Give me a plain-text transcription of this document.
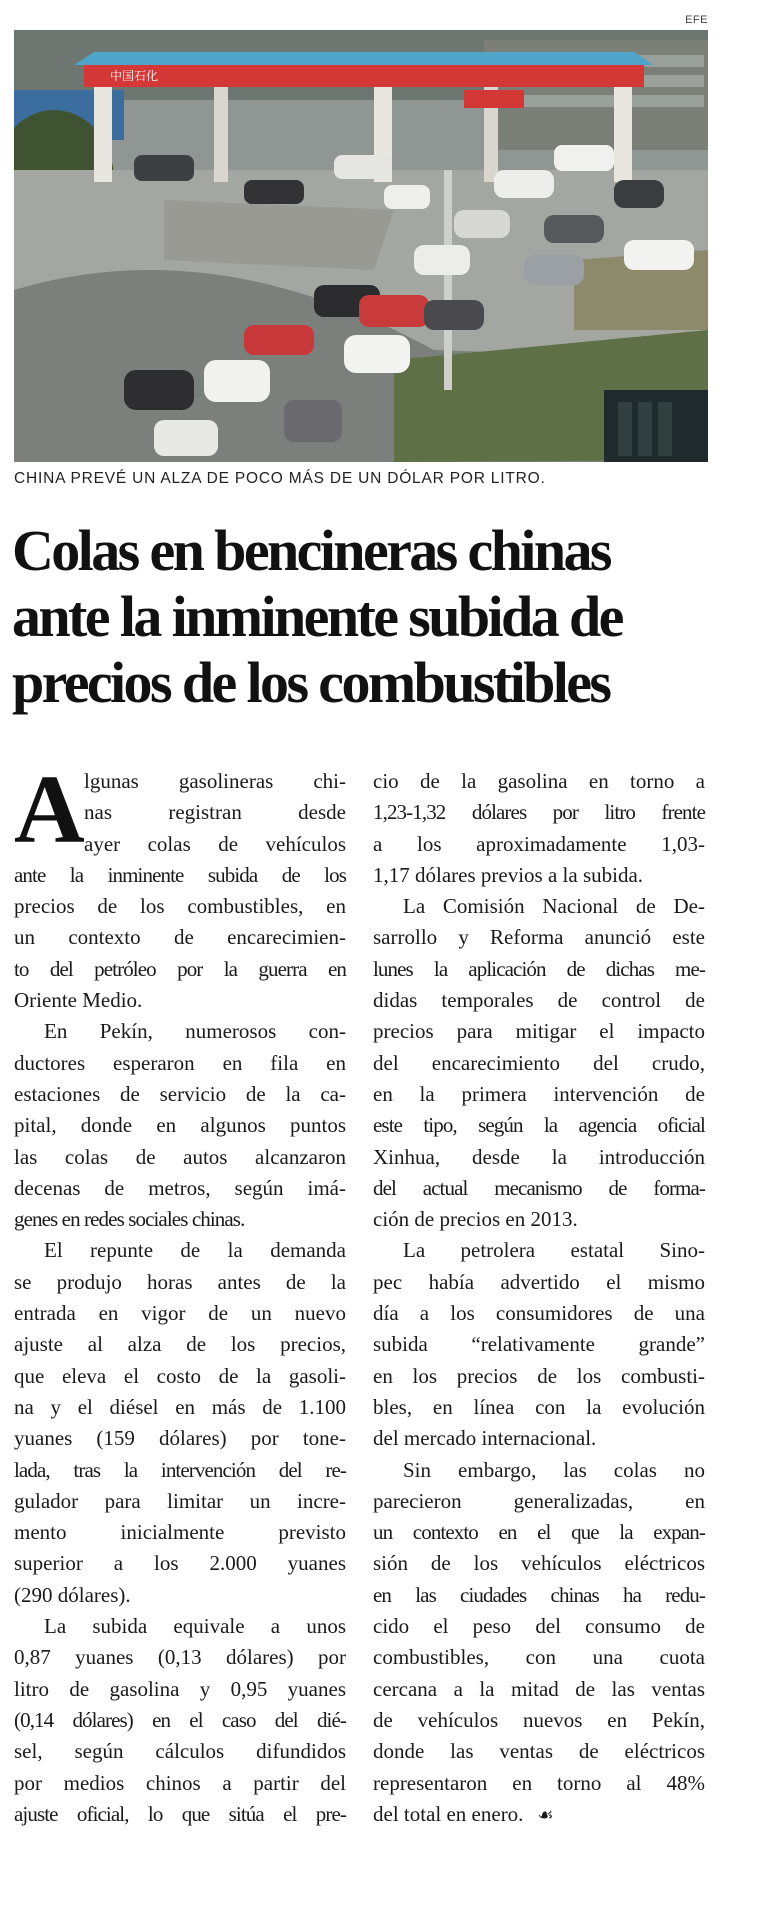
EFE
中国石化
CHINA PREVÉ UN ALZA DE POCO MÁS DE UN DÓLAR POR LITRO.
Colas en bencineras chinas
ante la inminente subida de
precios de los combustibles
A lgunas gasolineras chi-
nas registran desde
ayer colas de vehículos
ante la inminente subida de los
precios de los combustibles, en
un contexto de encarecimien-
to del petróleo por la guerra en
Oriente Medio.

En Pekín, numerosos con-
ductores esperaron en fila en
estaciones de servicio de la ca-
pital, donde en algunos puntos
las colas de autos alcanzaron
decenas de metros, según imá-
genes en redes sociales chinas.

El repunte de la demanda
se produjo horas antes de la
entrada en vigor de un nuevo
ajuste al alza de los precios,
que eleva el costo de la gasoli-
na y el diésel en más de 1.100
yuanes (159 dólares) por tone-
lada, tras la intervención del re-
gulador para limitar un incre-
mento inicialmente previsto
superior a los 2.000 yuanes
(290 dólares).

La subida equivale a unos
0,87 yuanes (0,13 dólares) por
litro de gasolina y 0,95 yuanes
(0,14 dólares) en el caso del dié-
sel, según cálculos difundidos
por medios chinos a partir del
ajuste oficial, lo que sitúa el pre-

cio de la gasolina en torno a
1,23-1,32 dólares por litro frente
a los aproximadamente 1,03-
1,17 dólares previos a la subida.

La Comisión Nacional de De-
sarrollo y Reforma anunció este
lunes la aplicación de dichas me-
didas temporales de control de
precios para mitigar el impacto
del encarecimiento del crudo,
en la primera intervención de
este tipo, según la agencia oficial
Xinhua, desde la introducción
del actual mecanismo de forma-
ción de precios en 2013.

La petrolera estatal Sino-
pec había advertido el mismo
día a los consumidores de una
subida “relativamente grande”
en los precios de los combusti-
bles, en línea con la evolución
del mercado internacional.

Sin embargo, las colas no
parecieron generalizadas, en
un contexto en el que la expan-
sión de los vehículos eléctricos
en las ciudades chinas ha redu-
cido el peso del consumo de
combustibles, con una cuota
cercana a la mitad de las ventas
de vehículos nuevos en Pekín,
donde las ventas de eléctricos
representaron en torno al 48%
del total en enero. ☙
